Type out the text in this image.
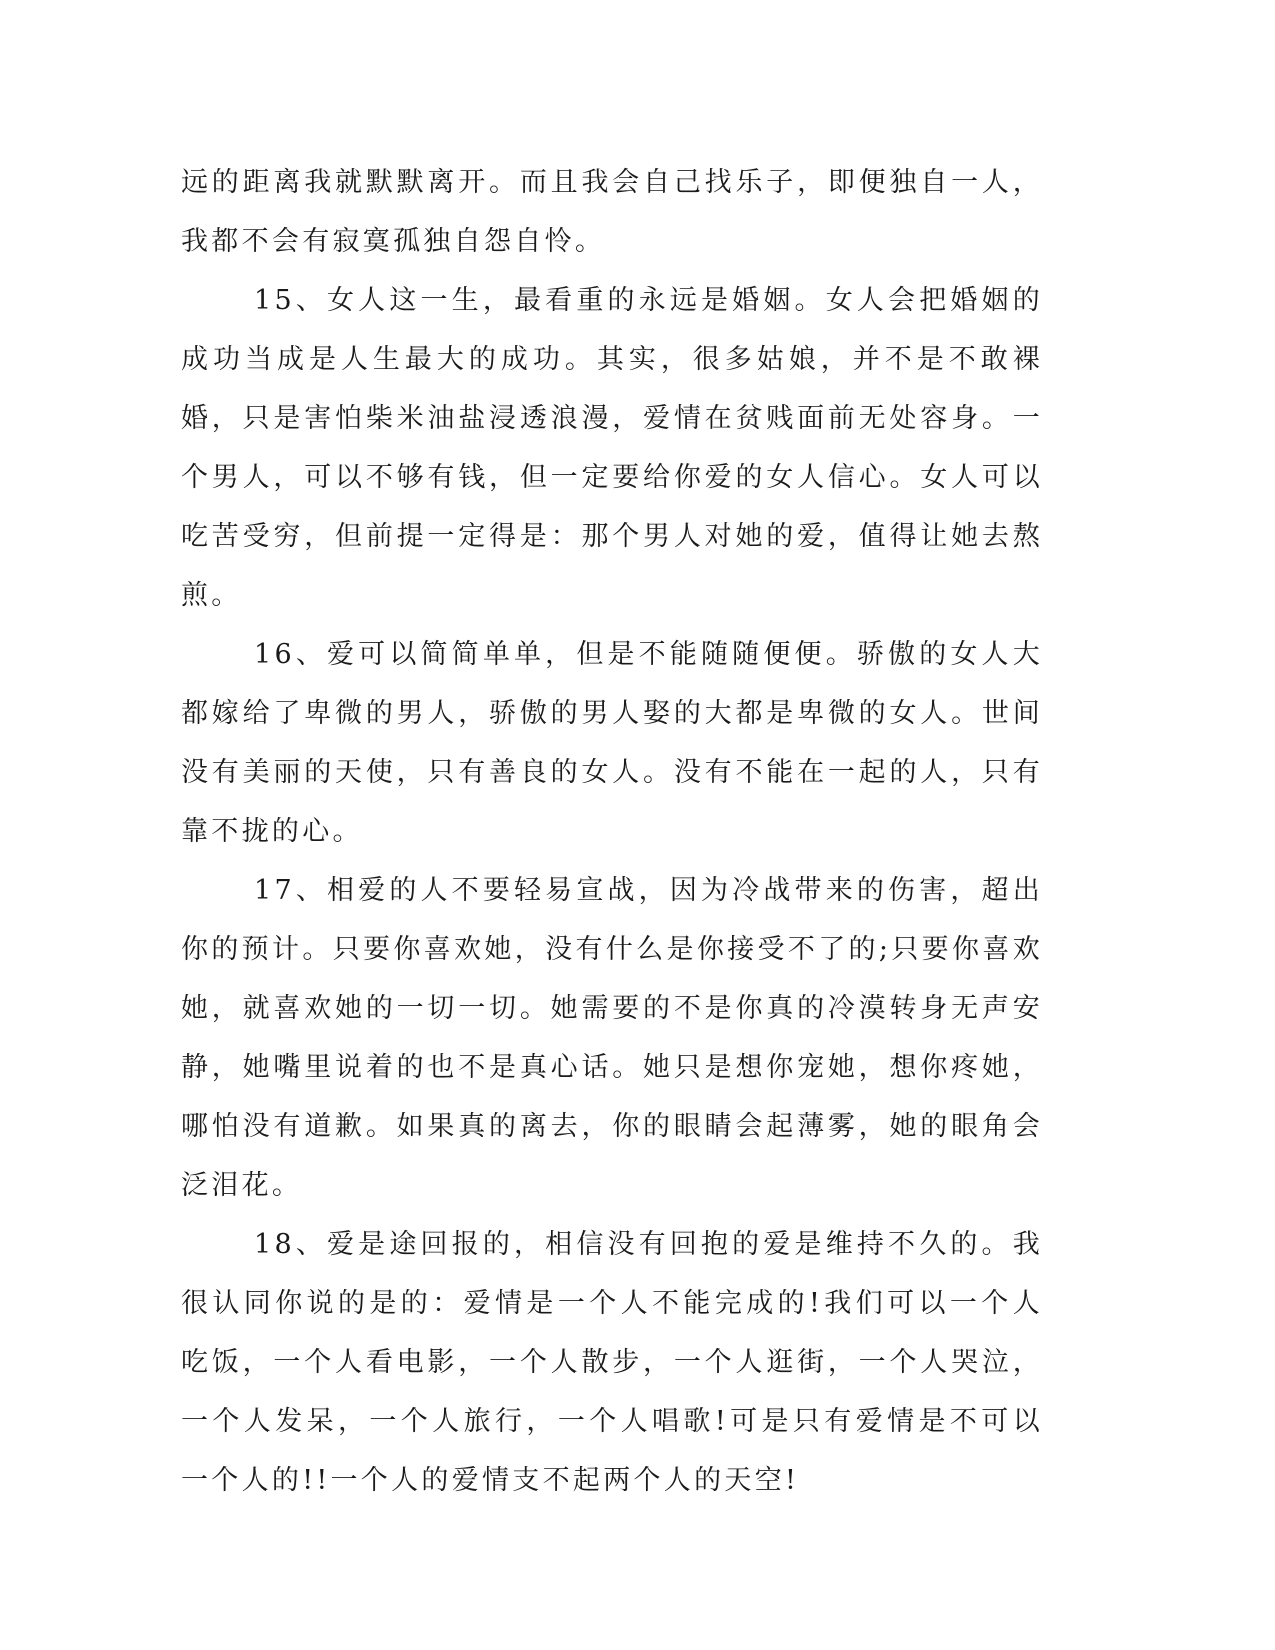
远的距离我就默默离开。而且我会自己找乐子，即便独自一人，我都不会有寂寞孤独自怨自怜。

15、女人这一生，最看重的永远是婚姻。女人会把婚姻的成功当成是人生最大的成功。其实，很多姑娘，并不是不敢裸婚，只是害怕柴米油盐浸透浪漫，爱情在贫贱面前无处容身。一个男人，可以不够有钱，但一定要给你爱的女人信心。女人可以吃苦受穷，但前提一定得是：那个男人对她的爱，值得让她去熬煎。

16、爱可以简简单单，但是不能随随便便。骄傲的女人大都嫁给了卑微的男人，骄傲的男人娶的大都是卑微的女人。世间没有美丽的天使，只有善良的女人。没有不能在一起的人，只有靠不拢的心。

17、相爱的人不要轻易宣战，因为冷战带来的伤害，超出你的预计。只要你喜欢她，没有什么是你接受不了的;只要你喜欢她，就喜欢她的一切一切。她需要的不是你真的冷漠转身无声安静，她嘴里说着的也不是真心话。她只是想你宠她，想你疼她，哪怕没有道歉。如果真的离去，你的眼睛会起薄雾，她的眼角会泛泪花。

18、爱是途回报的，相信没有回抱的爱是维持不久的。我很认同你说的是的：爱情是一个人不能完成的!我们可以一个人吃饭，一个人看电影，一个人散步，一个人逛街，一个人哭泣，一个人发呆，一个人旅行，一个人唱歌!可是只有爱情是不可以一个人的!!一个人的爱情支不起两个人的天空!
